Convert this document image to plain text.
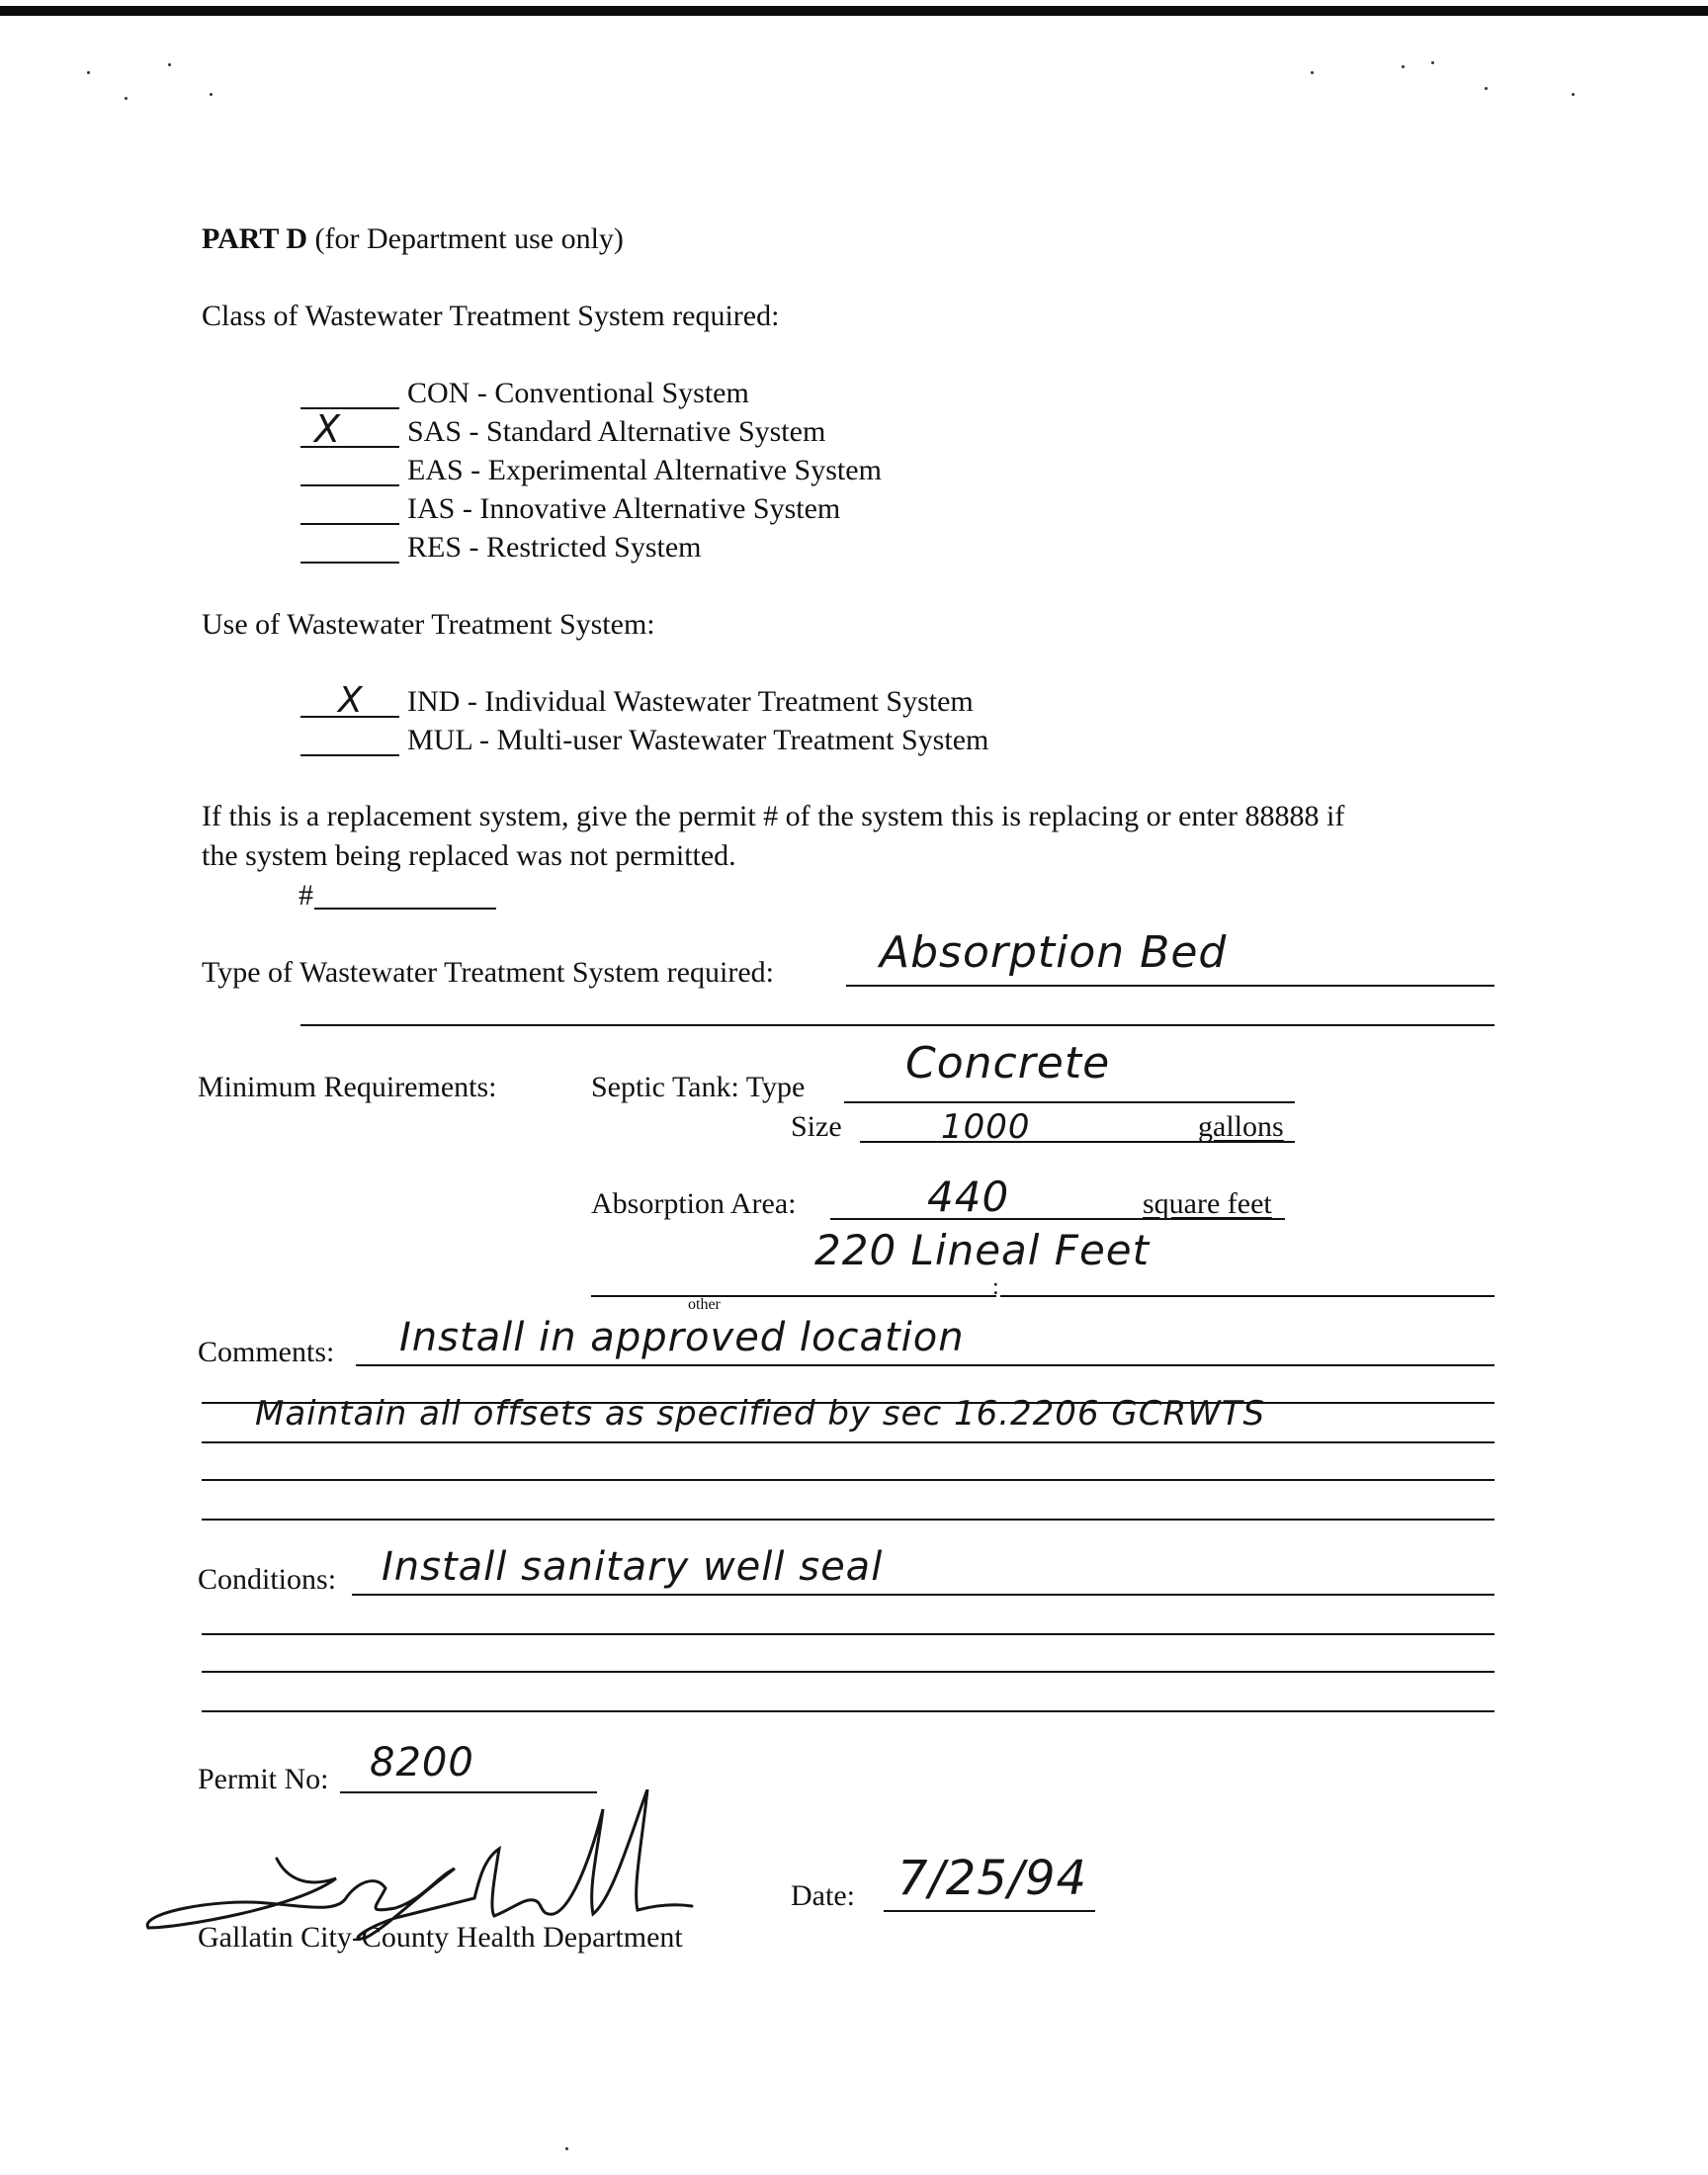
PART D (for Department use only)
Class of Wastewater Treatment System required:
CON - Conventional System
X SAS - Standard Alternative System
EAS - Experimental Alternative System
IAS - Innovative Alternative System
RES - Restricted System
Use of Wastewater Treatment System:
X IND - Individual Wastewater Treatment System
MUL - Multi-user Wastewater Treatment System
If this is a replacement system, give the permit # of the system this is replacing or enter 88888 if
the system being replaced was not permitted.
#
Type of Wastewater Treatment System required: Absorption Bed
Minimum Requirements:	Septic Tank: Type Concrete
Size	1000	gallons
Absorption Area:	440	square feet
220 Lineal Feet
:
other
Comments: Install in approved location
Maintain all offsets as specified by sec 16.2206 GCRWTS
Conditions: Install sanitary well seal
Permit No: 8200
Date: 7/25/94
Gallatin City-County Health Department
